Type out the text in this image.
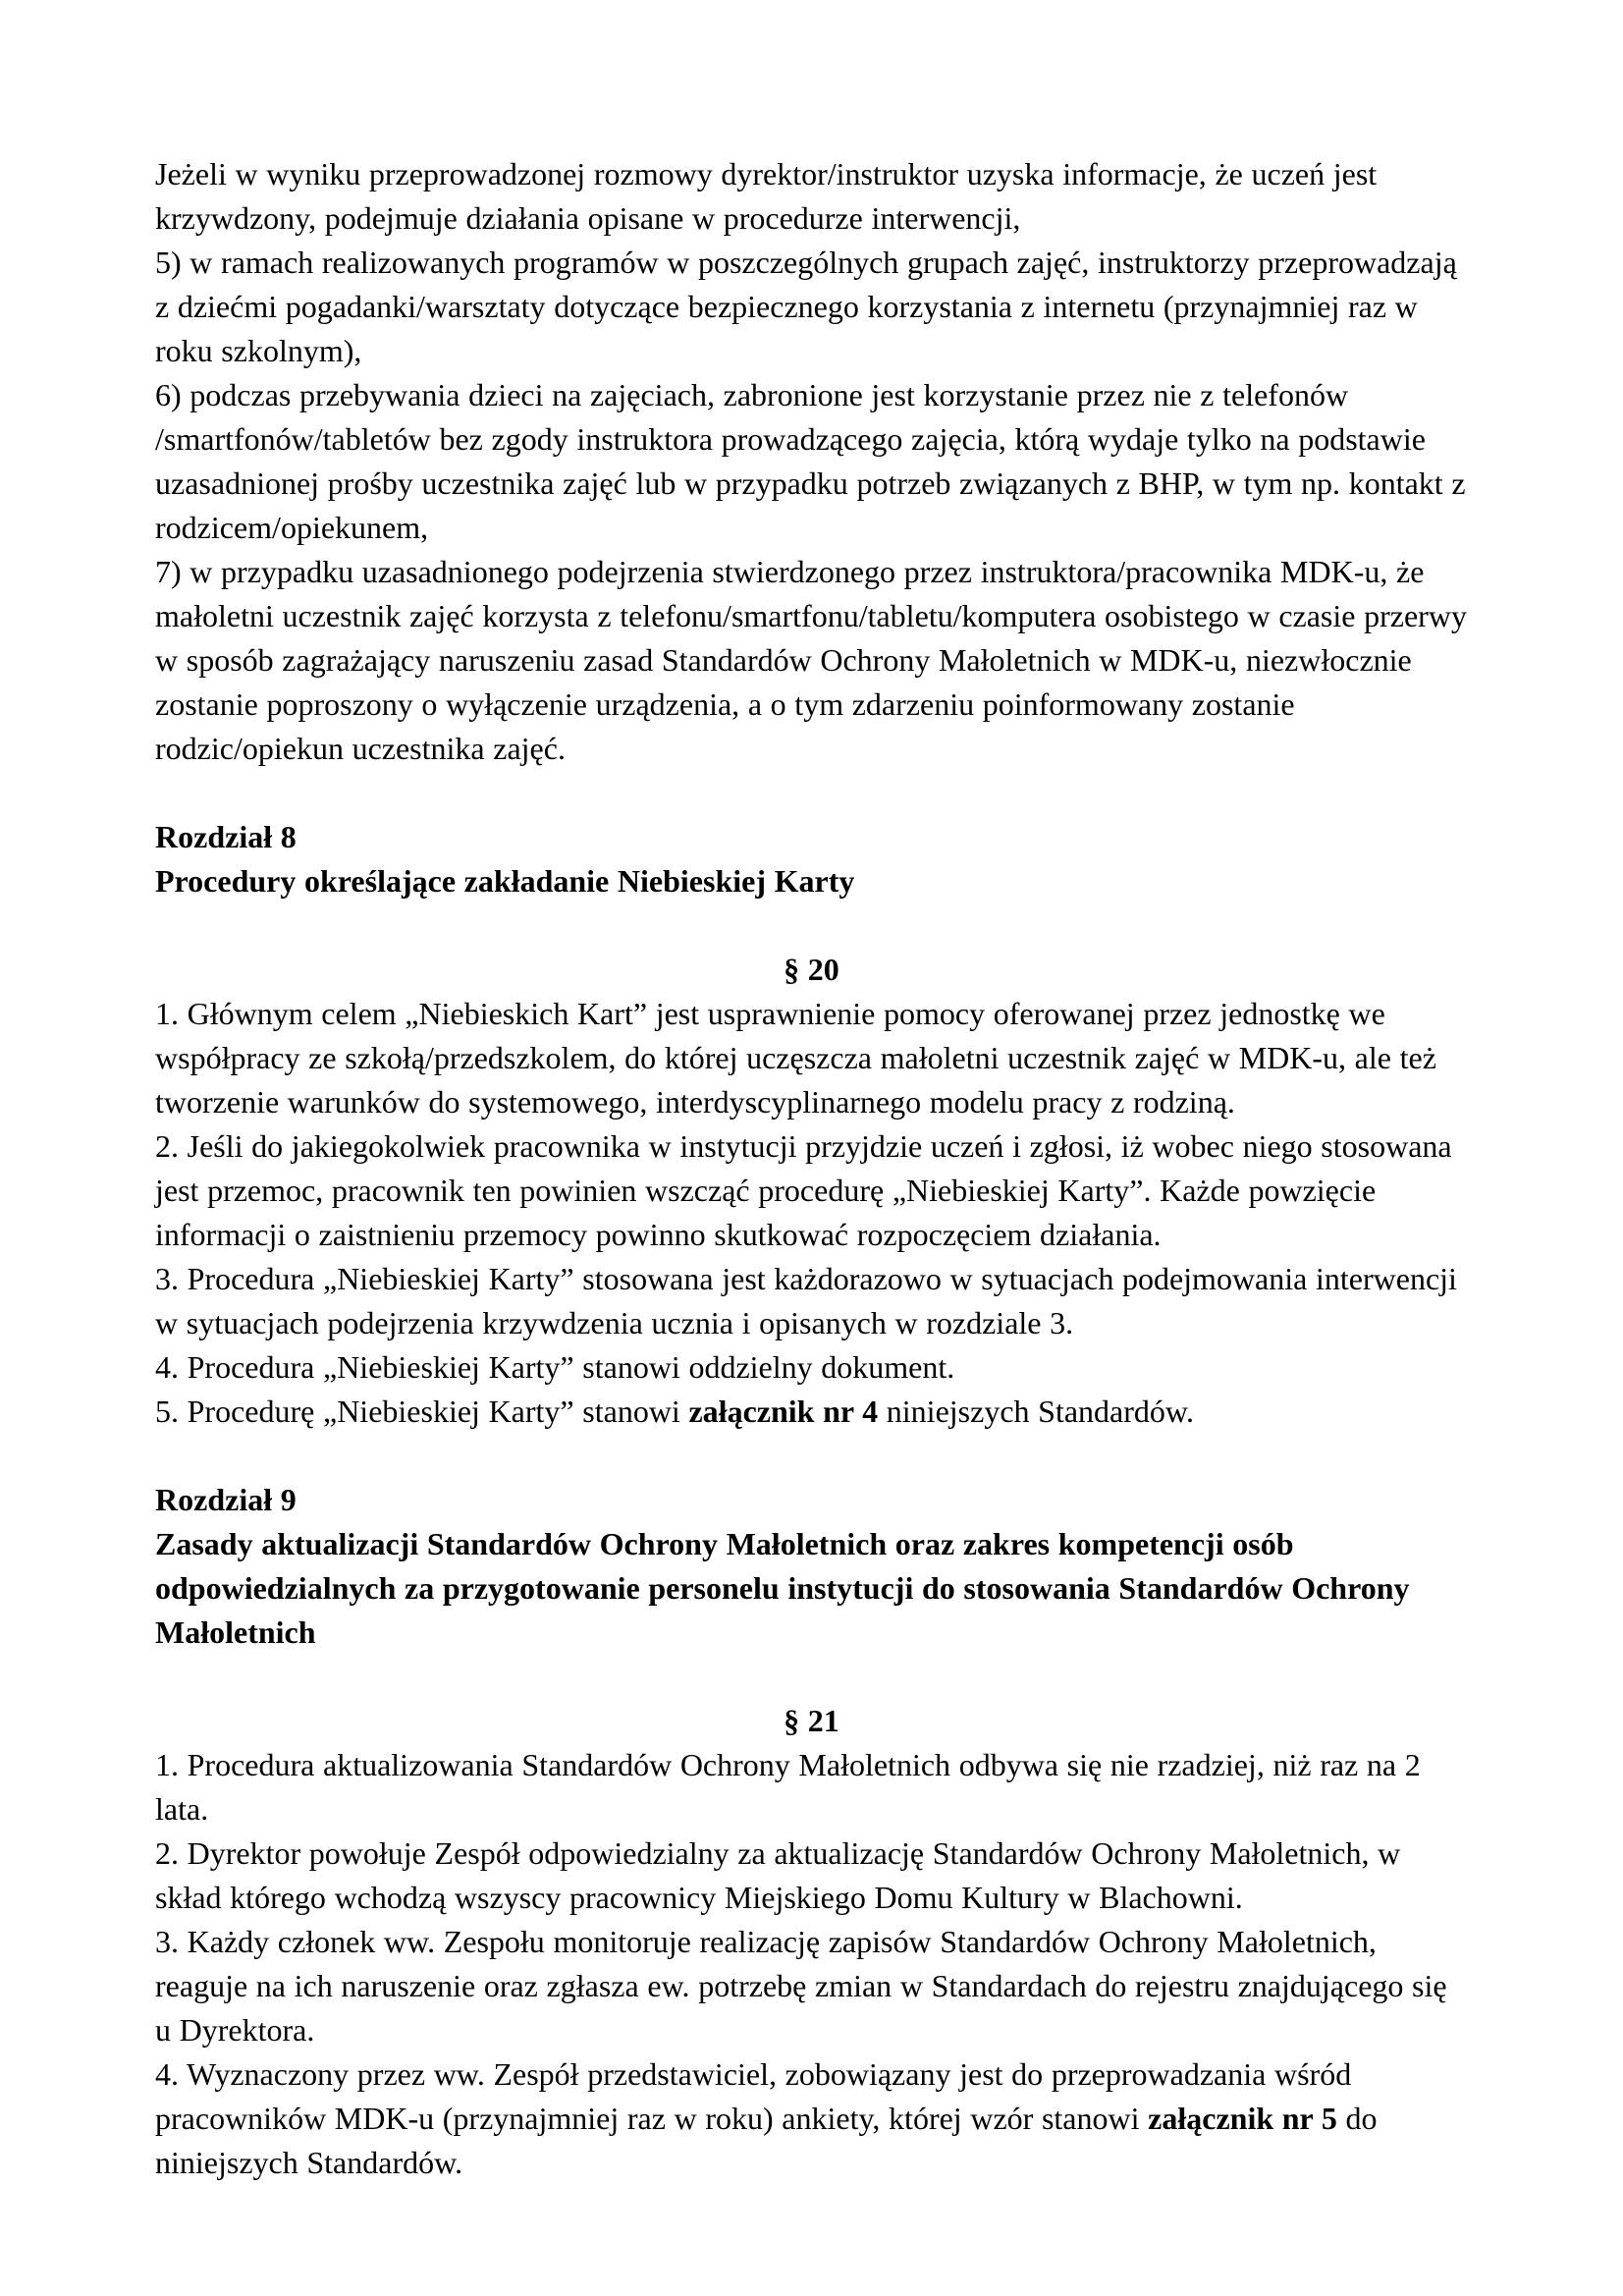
Jeżeli w wyniku przeprowadzonej rozmowy dyrektor/instruktor uzyska informacje, że uczeń jest krzywdzony, podejmuje działania opisane w procedurze interwencji,
5) w ramach realizowanych programów w poszczególnych grupach zajęć, instruktorzy przeprowadzają z dziećmi pogadanki/warsztaty dotyczące bezpiecznego korzystania z internetu (przynajmniej raz w roku szkolnym),
6) podczas przebywania dzieci na zajęciach, zabronione jest korzystanie przez nie z telefonów /smartfonów/tabletów bez zgody instruktora prowadzącego zajęcia, którą wydaje tylko na podstawie uzasadnionej prośby uczestnika zajęć lub w przypadku potrzeb związanych z BHP, w tym np. kontakt z rodzicem/opiekunem,
7) w przypadku uzasadnionego podejrzenia stwierdzonego przez instruktora/pracownika MDK-u, że małoletni uczestnik zajęć korzysta z telefonu/smartfonu/tabletu/komputera osobistego w czasie przerwy w sposób zagrażający naruszeniu zasad Standardów Ochrony Małoletnich w MDK-u, niezwłocznie zostanie poproszony o wyłączenie urządzenia, a o tym zdarzeniu poinformowany zostanie rodzic/opiekun uczestnika zajęć.
Rozdział 8
Procedury określające zakładanie Niebieskiej Karty
§ 20
1. Głównym celem „Niebieskich Kart” jest usprawnienie pomocy oferowanej przez jednostkę we współpracy ze szkołą/przedszkolem, do której uczęszcza małoletni uczestnik zajęć w MDK-u, ale też tworzenie warunków do systemowego, interdyscyplinarnego modelu pracy z rodziną.
2. Jeśli do jakiegokolwiek pracownika w instytucji przyjdzie uczeń i zgłosi, iż wobec niego stosowana jest przemoc, pracownik ten powinien wszcząć procedurę „Niebieskiej Karty”. Każde powzięcie informacji o zaistnieniu przemocy powinno skutkować rozpoczęciem działania.
3. Procedura „Niebieskiej Karty” stosowana jest każdorazowo w sytuacjach podejmowania interwencji w sytuacjach podejrzenia krzywdzenia ucznia i opisanych w rozdziale 3.
4. Procedura „Niebieskiej Karty” stanowi oddzielny dokument.
5. Procedurę „Niebieskiej Karty” stanowi załącznik nr 4 niniejszych Standardów.
Rozdział 9
Zasady aktualizacji Standardów Ochrony Małoletnich oraz zakres kompetencji osób odpowiedzialnych za przygotowanie personelu instytucji do stosowania Standardów Ochrony Małoletnich
§ 21
1. Procedura aktualizowania Standardów Ochrony Małoletnich odbywa się nie rzadziej, niż raz na 2 lata.
2. Dyrektor powołuje Zespół odpowiedzialny za aktualizację Standardów Ochrony Małoletnich, w skład którego wchodzą wszyscy pracownicy Miejskiego Domu Kultury w Blachowni.
3. Każdy członek ww. Zespołu monitoruje realizację zapisów Standardów Ochrony Małoletnich, reaguje na ich naruszenie oraz zgłasza ew. potrzebę zmian w Standardach do rejestru znajdującego się u Dyrektora.
4. Wyznaczony przez ww. Zespół przedstawiciel, zobowiązany jest do przeprowadzania wśród pracowników MDK-u (przynajmniej raz w roku) ankiety, której wzór stanowi załącznik nr 5 do niniejszych Standardów.
